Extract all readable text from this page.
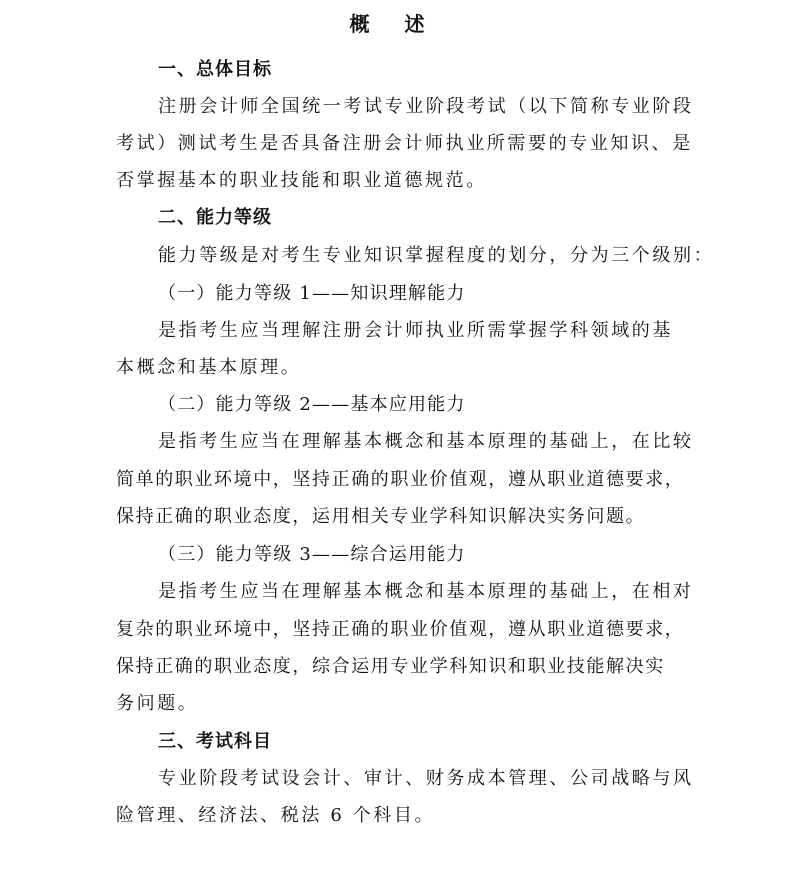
概 述
一、总体目标
注册会计师全国统一考试专业阶段考试（以下简称专业阶段
考试）测试考生是否具备注册会计师执业所需要的专业知识、是
否掌握基本的职业技能和职业道德规范。
二、能力等级
能力等级是对考生专业知识掌握程度的划分，分为三个级别：
（一）能力等级 1——知识理解能力
是指考生应当理解注册会计师执业所需掌握学科领域的基
本概念和基本原理。
（二）能力等级 2——基本应用能力
是指考生应当在理解基本概念和基本原理的基础上，在比较
简单的职业环境中，坚持正确的职业价值观，遵从职业道德要求，
保持正确的职业态度，运用相关专业学科知识解决实务问题。
（三）能力等级 3——综合运用能力
是指考生应当在理解基本概念和基本原理的基础上，在相对
复杂的职业环境中，坚持正确的职业价值观，遵从职业道德要求，
保持正确的职业态度，综合运用专业学科知识和职业技能解决实
务问题。
三、考试科目
专业阶段考试设会计、审计、财务成本管理、公司战略与风
险管理、经济法、税法 6 个科目。
